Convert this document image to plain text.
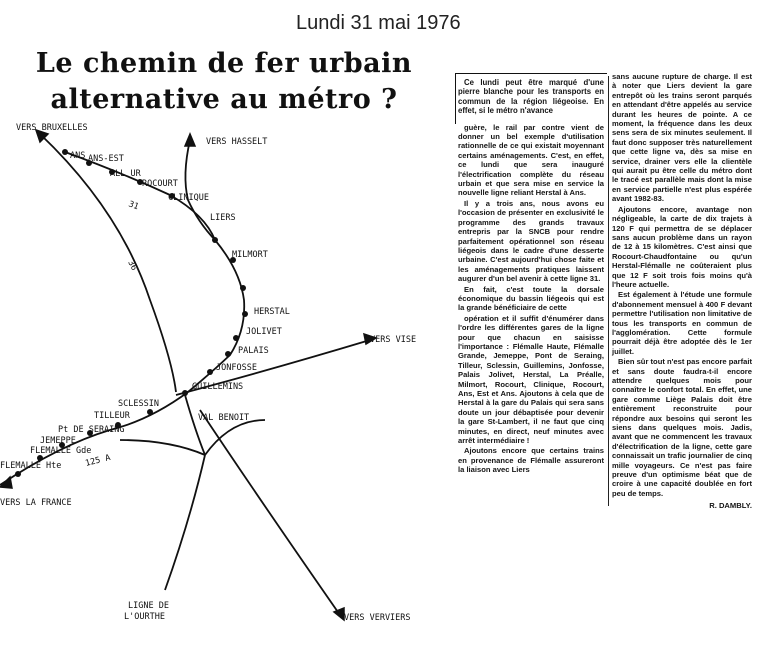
Lundi 31 mai 1976
Le chemin de fer urbain
alternative au métro ?
VERS BRUXELLES
VERS HASSELT
VERS VISE
VERS LA FRANCE
VERS VERVIERS
LIGNE DE
L'OURTHE
ANS ANS-EST
ALL UR
ROCOURT
CLINIQUE
LIERS
MILMORT
HERSTAL
JOLIVET
PALAIS
JONFOSSE
GUILLEMINS
SCLESSIN
TILLEUR	VAL BENOIT
Pt DE SERAING
JEMEPPE
FLEMALLE Gde
FLEMALLE Hte
31
36
125 A

Ce lundi peut être marqué d'une pierre blanche pour les transports en commun de la région liégeoise. En effet, si le métro n'avance

guère, le rail par contre vient de donner un bel exemple d'utilisation rationnelle de ce qui existait moyennant certains aménagements. C'est, en effet, ce lundi que sera inauguré l'électrification complète du réseau urbain et que sera mise en service la nouvelle ligne reliant Herstal à Ans.

Il y a trois ans, nous avons eu l'occasion de présenter en exclusivité le programme des grands travaux entrepris par la SNCB pour rendre parfaitement opérationnel son réseau liégeois dans le cadre d'une desserte urbaine. C'est aujourd'hui chose faite et les aménagements pratiques laissent augurer d'un bel avenir à cette ligne 31.

En fait, c'est toute la dorsale économique du bassin liégeois qui est la grande bénéficiaire de cette

opération et il suffit d'énumérer dans l'ordre les différentes gares de la ligne pour que chacun en saisisse l'importance : Flémalle Haute, Flémalle Grande, Jemeppe, Pont de Seraing, Tilleur, Sclessin, Guillemins, Jonfosse, Palais Jolivet, Herstal, La Préalle, Milmort, Rocourt, Clinique, Rocourt, Ans, Est et Ans. Ajoutons à cela que de Herstal à la gare du Palais qui sera sans doute un jour débaptisée pour devenir la gare St-Lambert, il ne faut que cinq minutes, en direct, neuf minutes avec arrêt intermédiaire !

Ajoutons encore que certains trains en provenance de Flémalle assureront la liaison avec Liers

sans aucune rupture de charge. Il est à noter que Liers devient la gare entrepôt où les trains seront parqués en attendant d'être appelés au service durant les heures de pointe. A ce moment, la fréquence dans les deux sens sera de six minutes seulement. Il faut donc supposer très naturellement que cette ligne va, dès sa mise en service, drainer vers elle la clientèle qui aurait pu être celle du métro dont le tracé est parallèle mais dont la mise en service partielle n'est plus espérée avant 1982-83.

Ajoutons encore, avantage non négligeable, la carte de dix trajets à 120 F qui permettra de se déplacer sans aucun problème dans un rayon de 12 à 15 kilomètres. C'est ainsi que Rocourt-Chaudfontaine ou qu'un Herstal-Flémalle ne coûteraient plus que 12 F soit trois fois moins qu'à l'heure actuelle.

Est également à l'étude une formule d'abonnement mensuel à 400 F devant permettre l'utilisation non limitative de tous les transports en commun de l'agglomération. Cette formule pourrait déjà être adoptée dès le 1er juillet.

Bien sûr tout n'est pas encore parfait et sans doute faudra-t-il encore attendre quelques mois pour connaître le confort total. En effet, une gare comme Liège Palais doit être entièrement reconstruite pour répondre aux besoins qui seront les siens dans quelques mois. Jadis, avant que ne commencent les travaux d'électrification de la ligne, cette gare connaissait un trafic journalier de cinq mille voyageurs. Ce n'est pas faire preuve d'un optimisme béat que de croire à une capacité doublée en fort peu de temps.

R. DAMBLY.
